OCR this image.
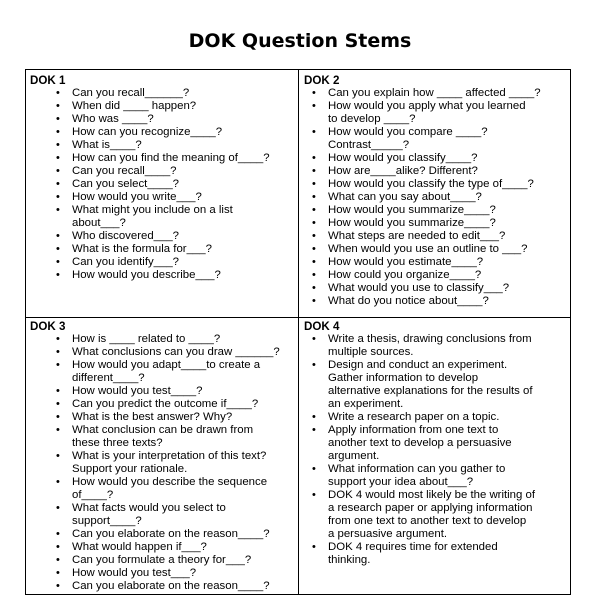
DOK Question Stems
DOK 1
• Can you recall______?
• When did ____ happen?
• Who was ____?
• How can you recognize____?
• What is____?
• How can you find the meaning of____?
• Can you recall____?
• Can you select____?
• How would you write___?
• What might you include on a list
about___?
• Who discovered___?
• What is the formula for___?
• Can you identify___?
• How would you describe___?
DOK 2
• Can you explain how ____ affected ____?
• How would you apply what you learned
to develop ____?
• How would you compare ____?
Contrast_____?
• How would you classify____?
• How are____alike? Different?
• How would you classify the type of____?
• What can you say about____?
• How would you summarize____?
• How would you summarize____?
• What steps are needed to edit___?
• When would you use an outline to ___?
• How would you estimate____?
• How could you organize____?
• What would you use to classify___?
• What do you notice about____?
DOK 3
• How is ____ related to ____?
• What conclusions can you draw ______?
• How would you adapt____to create a
different____?
• How would you test____?
• Can you predict the outcome if____?
• What is the best answer? Why?
• What conclusion can be drawn from
these three texts?
• What is your interpretation of this text?
Support your rationale.
• How would you describe the sequence
of____?
• What facts would you select to
support____?
• Can you elaborate on the reason____?
• What would happen if___?
• Can you formulate a theory for___?
• How would you test___?
• Can you elaborate on the reason____?
DOK 4
• Write a thesis, drawing conclusions from
multiple sources.
• Design and conduct an experiment.
Gather information to develop
alternative explanations for the results of
an experiment.
• Write a research paper on a topic.
• Apply information from one text to
another text to develop a persuasive
argument.
• What information can you gather to
support your idea about___?
• DOK 4 would most likely be the writing of
a research paper or applying information
from one text to another text to develop
a persuasive argument.
• DOK 4 requires time for extended
thinking.
